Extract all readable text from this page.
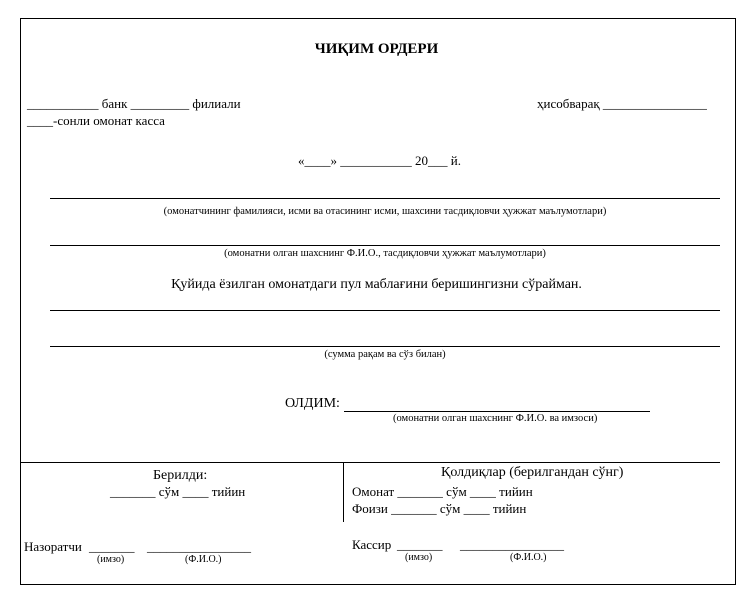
ЧИҚИМ ОРДЕРИ
___________ банк _________ филиали
____-сонли омонат касса
ҳисобварақ ________________
«____» ___________ 20___ й.
(омонатчининг фамилияси, исми ва отасининг исми, шахсини тасдиқловчи ҳужжат маълумотлари)
(омонатни олган шахснинг Ф.И.О., тасдиқловчи ҳужжат маълумотлари)
Қуйида ёзилган омонатдаги пул маблағини беришингизни сўрайман.
(сумма рақам ва сўз билан)
ОЛДИМ:
(омонатни олган шахснинг Ф.И.О. ва имзоси)
Берилди:
_______ сўм ____ тийин
Қолдиқлар (берилгандан сўнг)
Омонат _______ сўм ____ тийин
Фоизи _______ сўм ____ тийин
Назоратчи _______ ________________
(имзо)	(Ф.И.О.)
Кассир _______ ________________
(имзо)	(Ф.И.О.)
